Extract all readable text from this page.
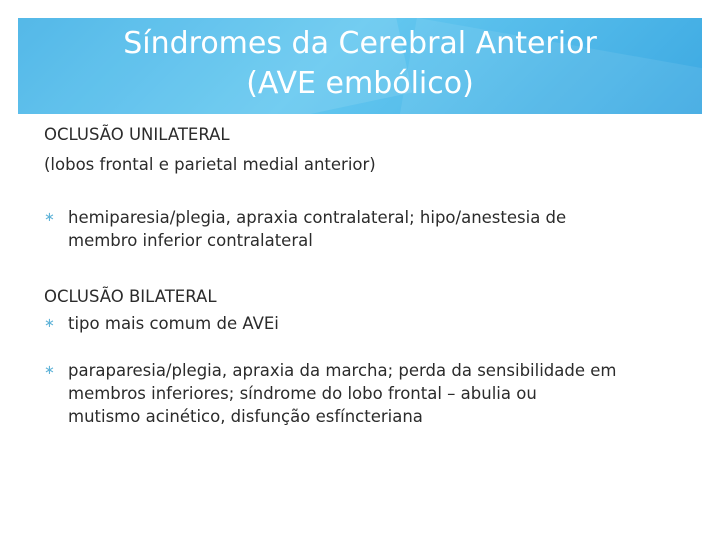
Síndromes da Cerebral Anterior
(AVE embólico)

OCLUSÃO UNILATERAL

(lobos frontal e parietal medial anterior)

∗ hemiparesia/plegia, apraxia contralateral; hipo/anestesia de
membro inferior contralateral

OCLUSÃO BILATERAL

∗ tipo mais comum de AVEi
∗ paraparesia/plegia, apraxia da marcha; perda da sensibilidade em
membros inferiores; síndrome do lobo frontal – abulia ou
mutismo acinético, disfunção esfíncteriana
